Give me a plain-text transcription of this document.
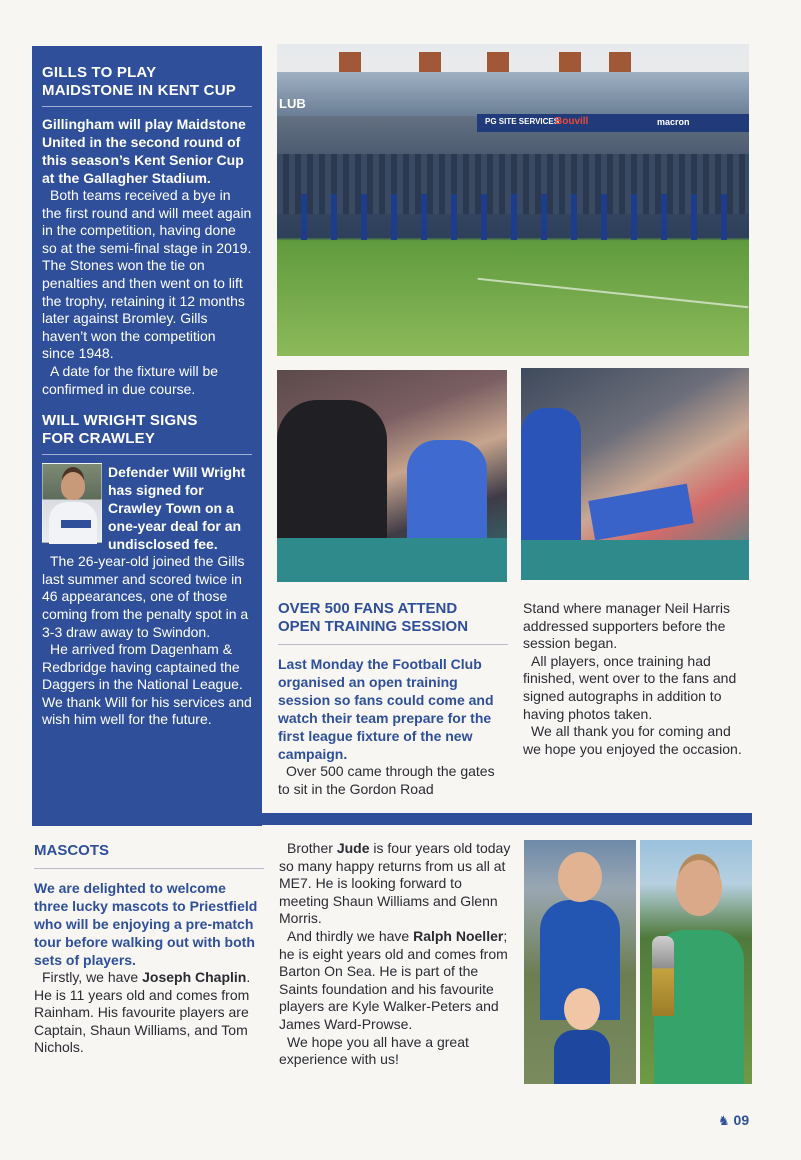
GILLS TO PLAY MAIDSTONE IN KENT CUP

Gillingham will play Maidstone United in the second round of this season’s Kent Senior Cup at the Gallagher Stadium.

Both teams received a bye in the first round and will meet again in the competition, having done so at the semi-final stage in 2019. The Stones won the tie on penalties and then went on to lift the trophy, retaining it 12 months later against Bromley. Gills haven’t won the competition since 1948.

A date for the fixture will be confirmed in due course.

WILL WRIGHT SIGNS FOR CRAWLEY

Defender Will Wright has signed for Crawley Town on a one-year deal for an undisclosed fee.

The 26-year-old joined the Gills last summer and scored twice in 46 appearances, one of those coming from the penalty spot in a 3-3 draw away to Swindon.

He arrived from Dagenham & Redbridge having captained the Daggers in the National League. We thank Will for his services and wish him well for the future.

LUB
PG SITE SERVICES
Bouvill	macron
OVER 500 FANS ATTEND OPEN TRAINING SESSION

Last Monday the Football Club organised an open training session so fans could come and watch their team prepare for the first league fixture of the new campaign.

Over 500 came through the gates to sit in the Gordon Road

Stand where manager Neil Harris addressed supporters before the session began.

All players, once training had finished, went over to the fans and signed autographs in addition to having photos taken.

We all thank you for coming and we hope you enjoyed the occasion.

MASCOTS

We are delighted to welcome three lucky mascots to Priestfield who will be enjoying a pre-match tour before walking out with both sets of players.

Firstly, we have Joseph Chaplin. He is 11 years old and comes from Rainham. His favourite players are Captain, Shaun Williams, and Tom Nichols.

Brother Jude is four years old today so many happy returns from us all at ME7. He is looking forward to meeting Shaun Williams and Glenn Morris.

And thirdly we have Ralph Noeller; he is eight years old and comes from Barton On Sea. He is part of the Saints foundation and his favourite players are Kyle Walker-Peters and James Ward-Prowse.

We hope you all have a great experience with us!

♞ 09
